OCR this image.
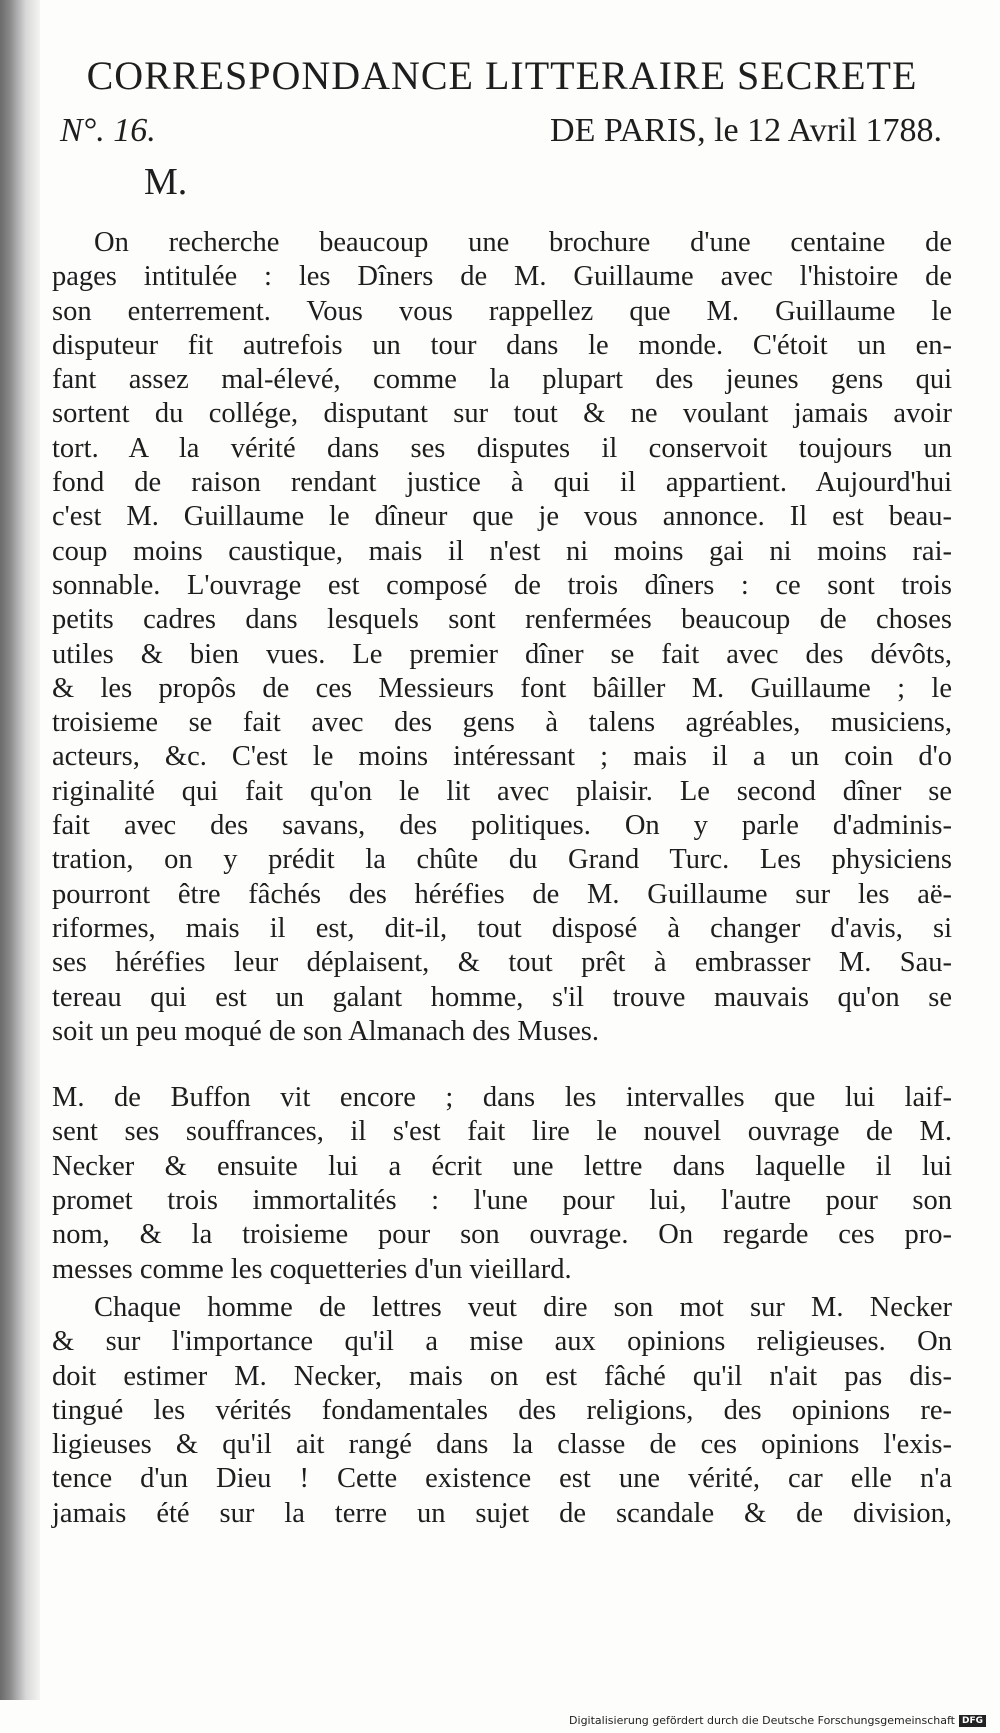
CORRESPONDANCE LITTERAIRE SECRETE
N°. 16.	DE PARIS, le 12 Avril 1788.
M.
On recherche beaucoup une brochure d'une centaine de
pages intitulée : les Dîners de M. Guillaume avec l'histoire de
son enterrement. Vous vous rappellez que M. Guillaume le
disputeur fit autrefois un tour dans le monde. C'étoit un en-
fant assez mal-élevé, comme la plupart des jeunes gens qui
sortent du collége, disputant sur tout & ne voulant jamais avoir
tort. A la vérité dans ses disputes il conservoit toujours un
fond de raison rendant justice à qui il appartient. Aujourd'hui
c'est M. Guillaume le dîneur que je vous annonce. Il est beau-
coup moins caustique, mais il n'est ni moins gai ni moins rai-
sonnable. L'ouvrage est composé de trois dîners : ce sont trois
petits cadres dans lesquels sont renfermées beaucoup de choses
utiles & bien vues. Le premier dîner se fait avec des dévôts,
& les propôs de ces Messieurs font bâiller M. Guillaume ; le
troisieme se fait avec des gens à talens agréables, musiciens,
acteurs, &c. C'est le moins intéressant ; mais il a un coin d'o
riginalité qui fait qu'on le lit avec plaisir. Le second dîner se
fait avec des savans, des politiques. On y parle d'adminis-
tration, on y prédit la chûte du Grand Turc. Les physiciens
pourront être fâchés des héréfies de M. Guillaume sur les aë-
riformes, mais il est, dit-il, tout disposé à changer d'avis, si
ses héréfies leur déplaisent, & tout prêt à embrasser M. Sau-
tereau qui est un galant homme, s'il trouve mauvais qu'on se
soit un peu moqué de son Almanach des Muses.
M. de Buffon vit encore ; dans les intervalles que lui laif-
sent ses souffrances, il s'est fait lire le nouvel ouvrage de M.
Necker & ensuite lui a écrit une lettre dans laquelle il lui
promet trois immortalités : l'une pour lui, l'autre pour son
nom, & la troisieme pour son ouvrage. On regarde ces pro-
messes comme les coquetteries d'un vieillard.
Chaque homme de lettres veut dire son mot sur M. Necker
& sur l'importance qu'il a mise aux opinions religieuses. On
doit estimer M. Necker, mais on est fâché qu'il n'ait pas dis-
tingué les vérités fondamentales des religions, des opinions re-
ligieuses & qu'il ait rangé dans la classe de ces opinions l'exis-
tence d'un Dieu ! Cette existence est une vérité, car elle n'a
jamais été sur la terre un sujet de scandale & de division,
Digitalisierung gefördert durch die Deutsche Forschungsgemeinschaft DFG
